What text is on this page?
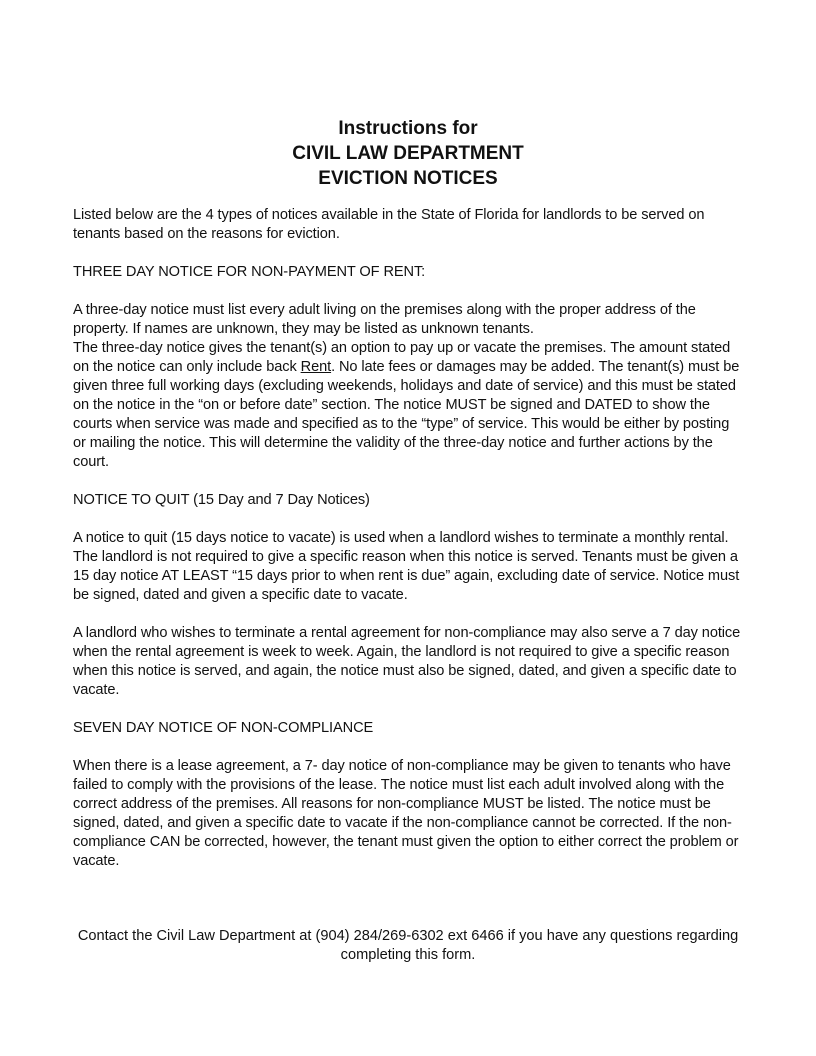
Instructions for
CIVIL LAW DEPARTMENT
EVICTION NOTICES

Listed below are the 4 types of notices available in the State of Florida for landlords to be served on tenants based on the reasons for eviction.

THREE DAY NOTICE FOR NON-PAYMENT OF RENT:

A three-day notice must list every adult living on the premises along with the proper address of the property. If names are unknown, they may be listed as unknown tenants.

The three-day notice gives the tenant(s) an option to pay up or vacate the premises. The amount stated on the notice can only include back Rent. No late fees or damages may be added. The tenant(s) must be given three full working days (excluding weekends, holidays and date of service) and this must be stated on the notice in the “on or before date” section. The notice MUST be signed and DATED to show the courts when service was made and specified as to the “type” of service. This would be either by posting or mailing the notice. This will determine the validity of the three-day notice and further actions by the court.

NOTICE TO QUIT (15 Day and 7 Day Notices)

A notice to quit (15 days notice to vacate) is used when a landlord wishes to terminate a monthly rental. The landlord is not required to give a specific reason when this notice is served. Tenants must be given a 15 day notice AT LEAST “15 days prior to when rent is due” again, excluding date of service. Notice must be signed, dated and given a specific date to vacate.

A landlord who wishes to terminate a rental agreement for non-compliance may also serve a 7 day notice when the rental agreement is week to week. Again, the landlord is not required to give a specific reason when this notice is served, and again, the notice must also be signed, dated, and given a specific date to vacate.

SEVEN DAY NOTICE OF NON-COMPLIANCE

When there is a lease agreement, a 7- day notice of non-compliance may be given to tenants who have failed to comply with the provisions of the lease. The notice must list each adult involved along with the correct address of the premises. All reasons for non-compliance MUST be listed. The notice must be signed, dated, and given a specific date to vacate if the non-compliance cannot be corrected. If the non-compliance CAN be corrected, however, the tenant must given the option to either correct the problem or vacate.

Contact the Civil Law Department at (904) 284/269-6302 ext 6466 if you have any questions regarding completing this form.
